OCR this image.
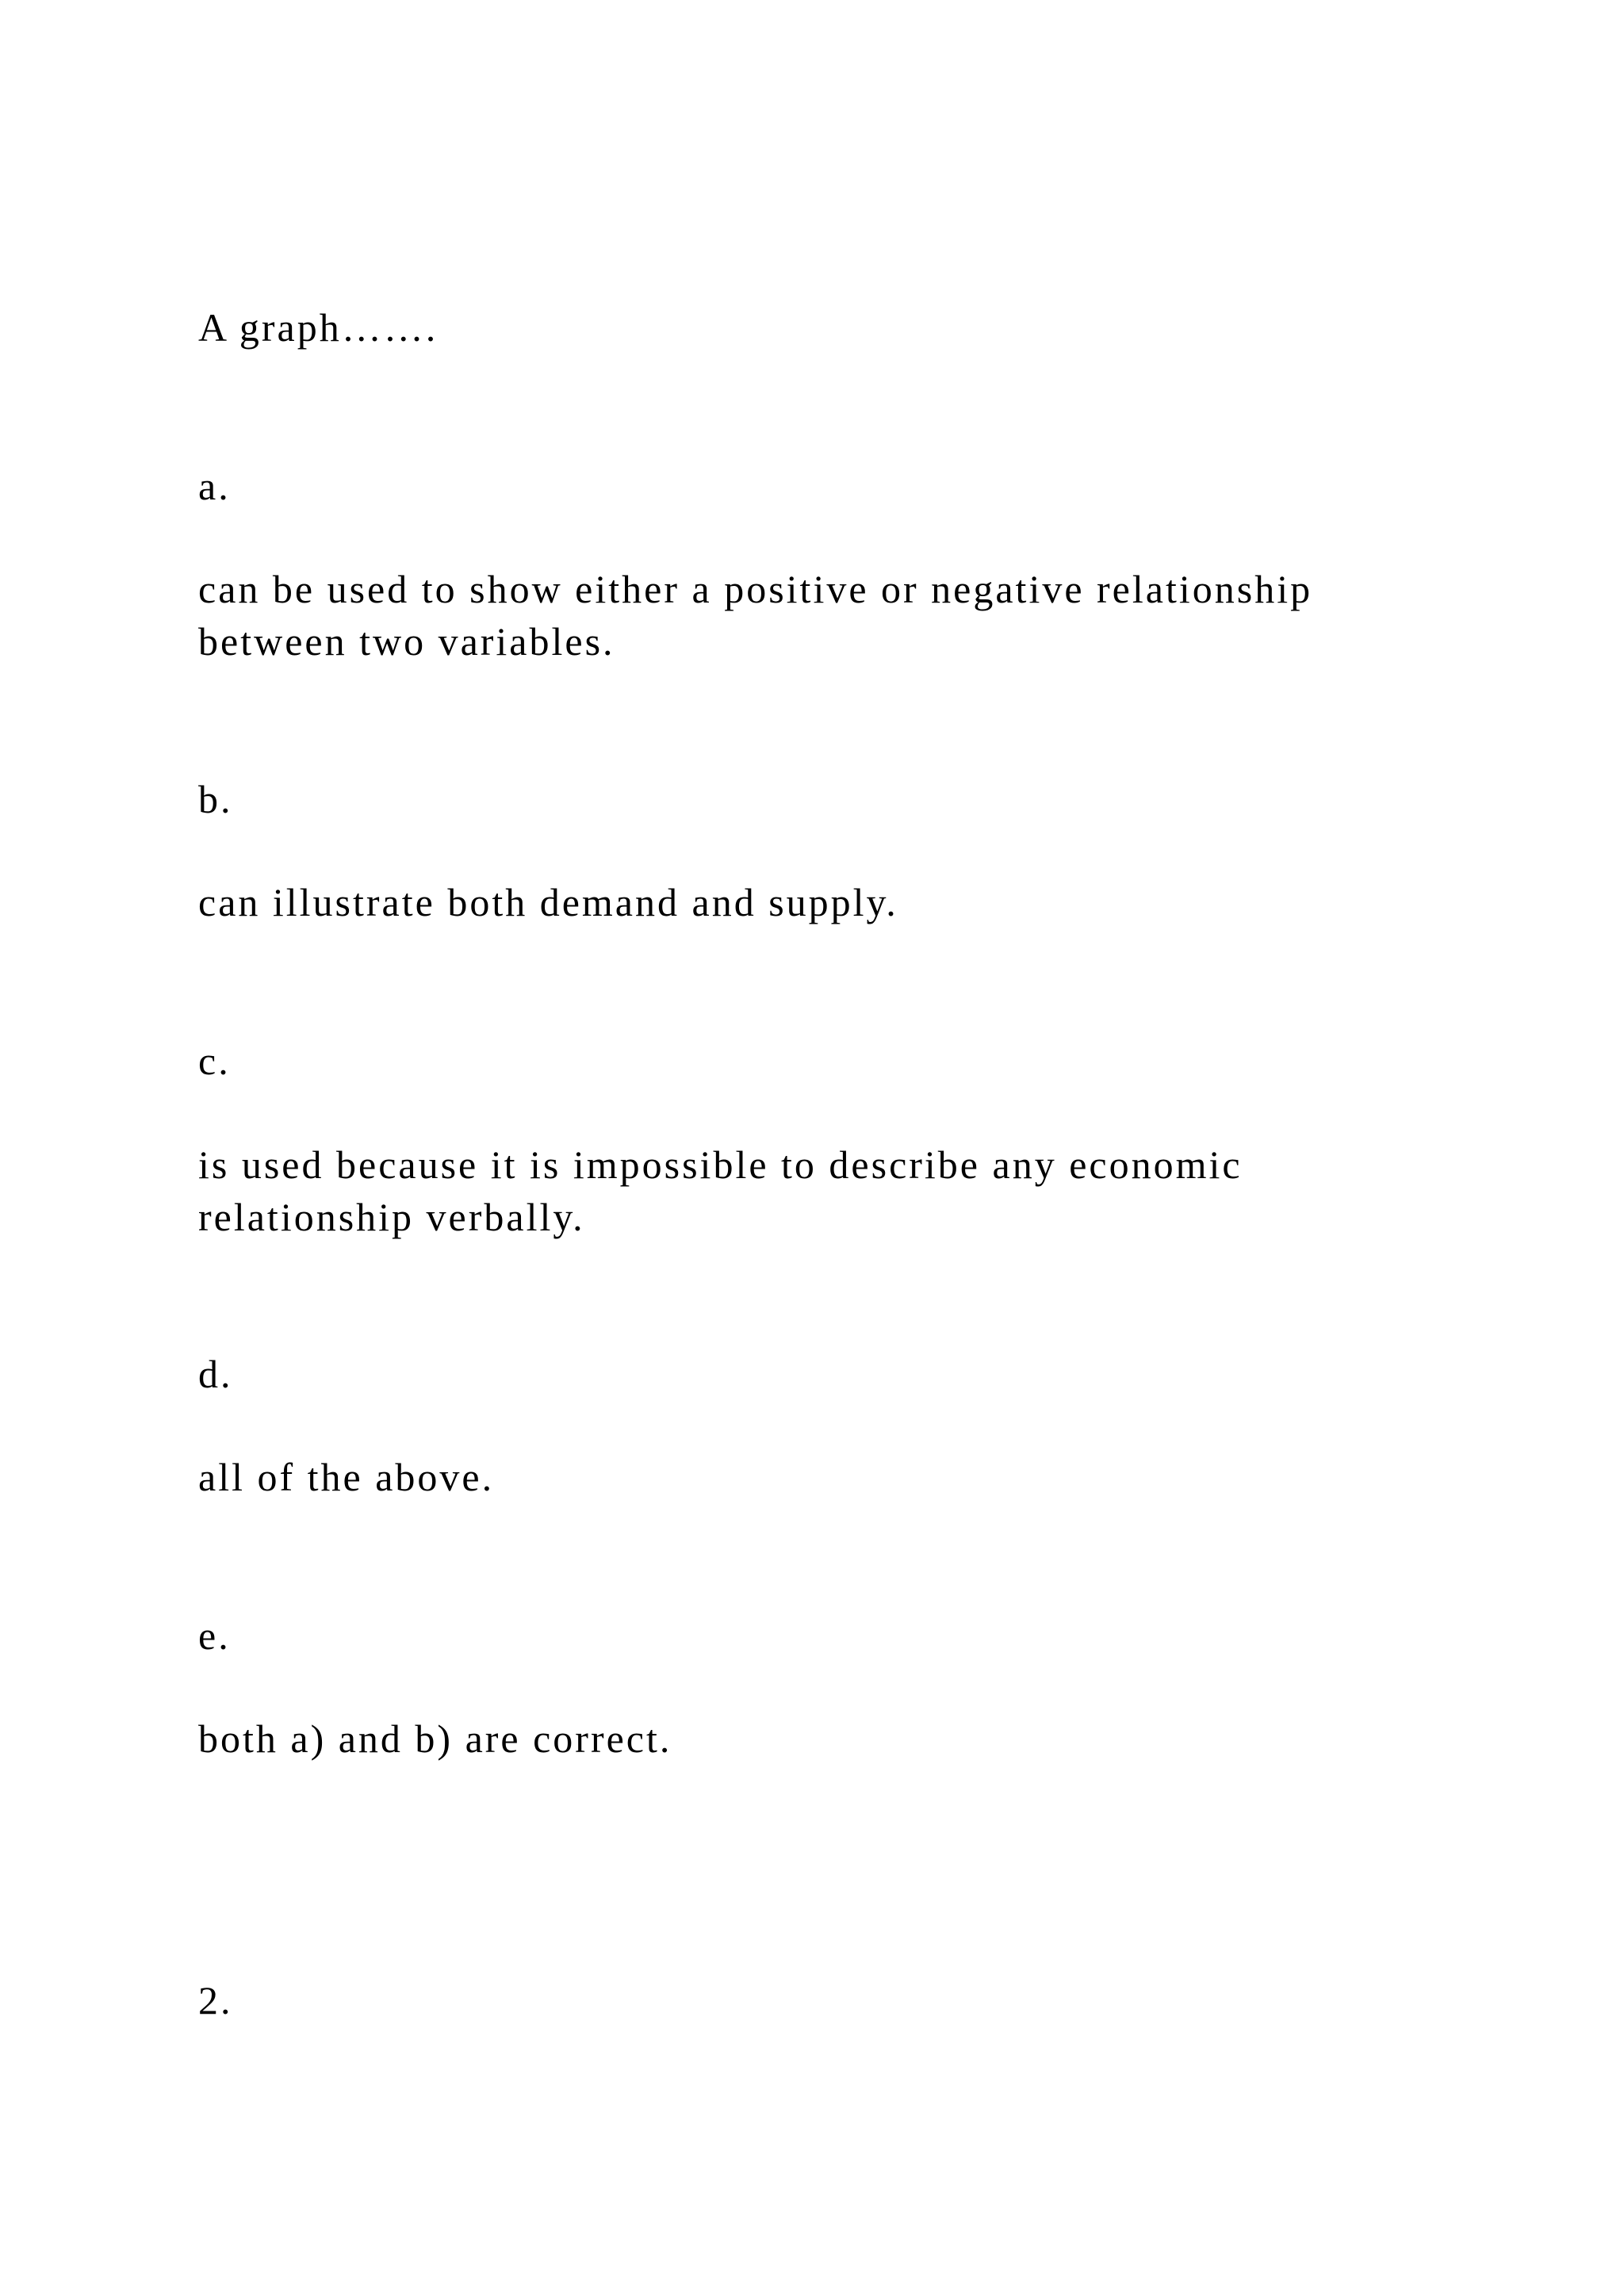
A graph…….

a.

can be used to show either a positive or negative relationship

between two variables.

b.

can illustrate both demand and supply.

c.

is used because it is impossible to describe any economic

relationship verbally.

d.

all of the above.

e.

both a) and b) are correct.

2.
